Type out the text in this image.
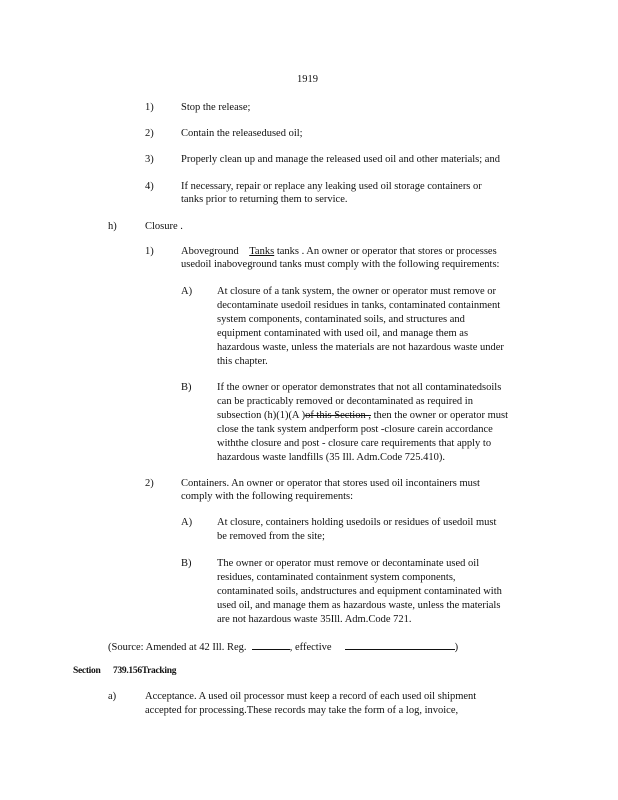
1919
1)	Stop the release;
2)	Contain the releasedused oil;
3)	Properly clean up and manage the released used oil and other materials; and
4)	If necessary, repair or replace any leaking used oil storage containers or
tanks prior to returning them to service.
h)	Closure .
1)	Aboveground Tanks tanks . An owner or operator that stores or processes
usedoil inaboveground tanks must comply with the following requirements:
A) At closure of a tank system, the owner or operator must remove or
decontaminate usedoil residues in tanks, contaminated containment
system components, contaminated soils, and structures and
equipment contaminated with used oil, and manage them as
hazardous waste, unless the materials are not hazardous waste under
this chapter.
B) If the owner or operator demonstrates that not all contaminatedsoils
can be practicably removed or decontaminated as required in
subsection (h)(1)(A )of this Section , then the owner or operator must
close the tank system andperform post -closure carein accordance
withthe closure and post - closure care requirements that apply to
hazardous waste landfills (35 Ill. Adm.Code 725.410).
2)	Containers. An owner or operator that stores used oil incontainers must
comply with the following requirements:
A) At closure, containers holding usedoils or residues of usedoil must
be removed from the site;
B) The owner or operator must remove or decontaminate used oil
residues, contaminated containment system components,
contaminated soils, andstructures and equipment contaminated with
used oil, and manage them as hazardous waste, unless the materials
are not hazardous waste 35Ill. Adm.Code 721.
(Source: Amended at 42 Ill. Reg.	, effective	)
Section 739.156Tracking
a)	Acceptance. A used oil processor must keep a record of each used oil shipment
accepted for processing.These records may take the form of a log, invoice,
